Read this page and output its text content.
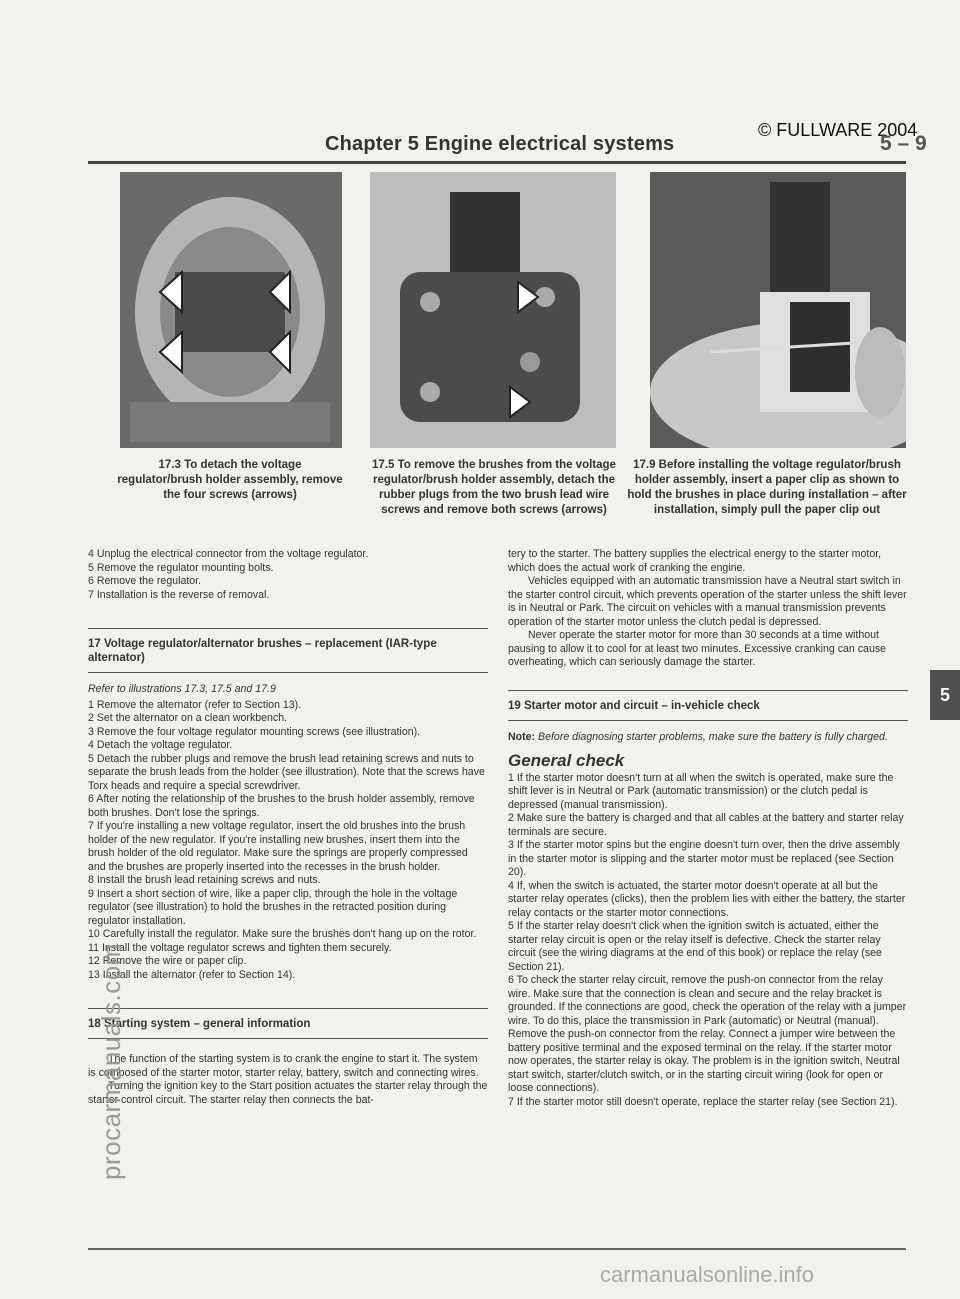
Chapter 5 Engine electrical systems
© FULLWARE 2004
5 – 9
17.3 To detach the voltage regulator/brush holder assembly, remove the four screws (arrows)
17.5 To remove the brushes from the voltage regulator/brush holder assembly, detach the rubber plugs from the two brush lead wire screws and remove both screws (arrows)
17.9 Before installing the voltage regulator/brush holder assembly, insert a paper clip as shown to hold the brushes in place during installation – after installation, simply pull the paper clip out

4 Unplug the electrical connector from the voltage regulator.

5 Remove the regulator mounting bolts.

6 Remove the regulator.

7 Installation is the reverse of removal.

17 Voltage regulator/alternator brushes – replacement (IAR-type alternator)

Refer to illustrations 17.3, 17.5 and 17.9

1 Remove the alternator (refer to Section 13).

2 Set the alternator on a clean workbench.

3 Remove the four voltage regulator mounting screws (see illustration).

4 Detach the voltage regulator.

5 Detach the rubber plugs and remove the brush lead retaining screws and nuts to separate the brush leads from the holder (see illustration). Note that the screws have Torx heads and require a special screwdriver.

6 After noting the relationship of the brushes to the brush holder assembly, remove both brushes. Don't lose the springs.

7 If you're installing a new voltage regulator, insert the old brushes into the brush holder of the new regulator. If you're installing new brushes, insert them into the brush holder of the old regulator. Make sure the springs are properly compressed and the brushes are properly inserted into the recesses in the brush holder.

8 Install the brush lead retaining screws and nuts.

9 Insert a short section of wire, like a paper clip, through the hole in the voltage regulator (see illustration) to hold the brushes in the retracted position during regulator installation.

10 Carefully install the regulator. Make sure the brushes don't hang up on the rotor.

11 Install the voltage regulator screws and tighten them securely.

12 Remove the wire or paper clip.

13 Install the alternator (refer to Section 14).

18 Starting system – general information

The function of the starting system is to crank the engine to start it. The system is composed of the starter motor, starter relay, battery, switch and connecting wires.

Turning the ignition key to the Start position actuates the starter relay through the starter control circuit. The starter relay then connects the bat-

tery to the starter. The battery supplies the electrical energy to the starter motor, which does the actual work of cranking the engine.

Vehicles equipped with an automatic transmission have a Neutral start switch in the starter control circuit, which prevents operation of the starter unless the shift lever is in Neutral or Park. The circuit on vehicles with a manual transmission prevents operation of the starter motor unless the clutch pedal is depressed.

Never operate the starter motor for more than 30 seconds at a time without pausing to allow it to cool for at least two minutes. Excessive cranking can cause overheating, which can seriously damage the starter.

19 Starter motor and circuit – in-vehicle check

Note: Before diagnosing starter problems, make sure the battery is fully charged.

General check

1 If the starter motor doesn't turn at all when the switch is operated, make sure the shift lever is in Neutral or Park (automatic transmission) or the clutch pedal is depressed (manual transmission).

2 Make sure the battery is charged and that all cables at the battery and starter relay terminals are secure.

3 If the starter motor spins but the engine doesn't turn over, then the drive assembly in the starter motor is slipping and the starter motor must be replaced (see Section 20).

4 If, when the switch is actuated, the starter motor doesn't operate at all but the starter relay operates (clicks), then the problem lies with either the battery, the starter relay contacts or the starter motor connections.

5 If the starter relay doesn't click when the ignition switch is actuated, either the starter relay circuit is open or the relay itself is defective. Check the starter relay circuit (see the wiring diagrams at the end of this book) or replace the relay (see Section 21).

6 To check the starter relay circuit, remove the push-on connector from the relay wire. Make sure that the connection is clean and secure and the relay bracket is grounded. If the connections are good, check the operation of the relay with a jumper wire. To do this, place the transmission in Park (automatic) or Neutral (manual). Remove the push-on connector from the relay. Connect a jumper wire between the battery positive terminal and the exposed terminal on the relay. If the starter motor now operates, the starter relay is okay. The problem is in the ignition switch, Neutral start switch, starter/clutch switch, or in the starting circuit wiring (look for open or loose connections).

7 If the starter motor still doesn't operate, replace the starter relay (see Section 21).

procarmanuals.com
5
carmanualsonline.info
